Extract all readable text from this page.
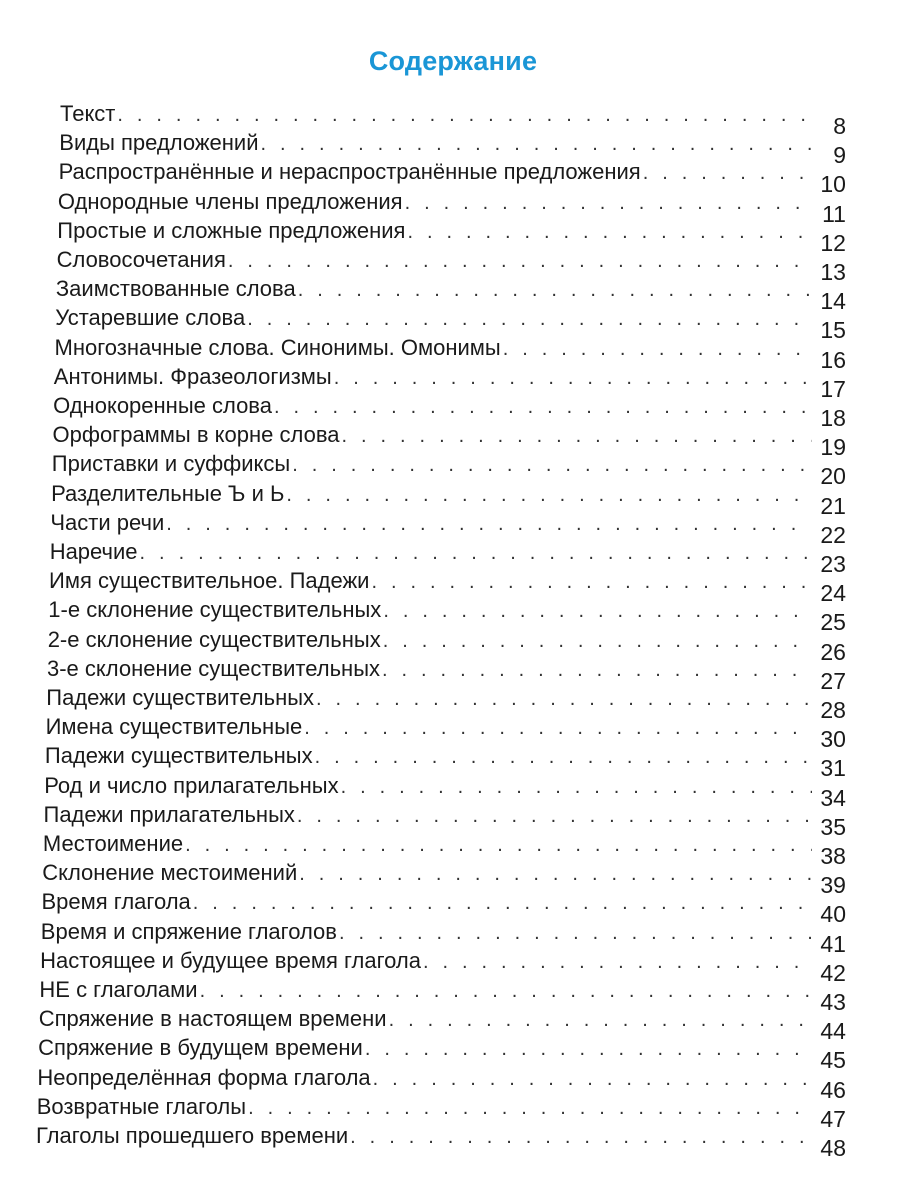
Содержание
Текст . . .	8
Виды предложений . . .	9
Распространённые и нераспространённые предложения . . .	10
Однородные члены предложения . . .	11
Простые и сложные предложения . . .	12
Словосочетания . . .	13
Заимствованные слова . . .	14
Устаревшие слова . . .	15
Многозначные слова. Синонимы. Омонимы . . .	16
Антонимы. Фразеологизмы . . .	17
Однокоренные слова . . .	18
Орфограммы в корне слова . . .	19
Приставки и суффиксы . . .	20
Разделительные Ъ и Ь . . .	21
Части речи . . .	22
Наречие . . .	23
Имя существительное. Падежи . . .	24
1-е склонение существительных . . .	25
2-е склонение существительных . . .	26
3-е склонение существительных . . .	27
Падежи существительных . . .	28
Имена существительные . . .	30
Падежи существительных . . .	31
Род и число прилагательных . . .	34
Падежи прилагательных . . .	35
Местоимение . . .	38
Склонение местоимений . . .	39
Время глагола . . .	40
Время и спряжение глаголов . . .	41
Настоящее и будущее время глагола . . .	42
НЕ с глаголами . . .	43
Спряжение в настоящем времени . . .	44
Спряжение в будущем времени . . .	45
Неопределённая форма глагола . . .	46
Возвратные глаголы . . .	47
Глаголы прошедшего времени . . .	48
